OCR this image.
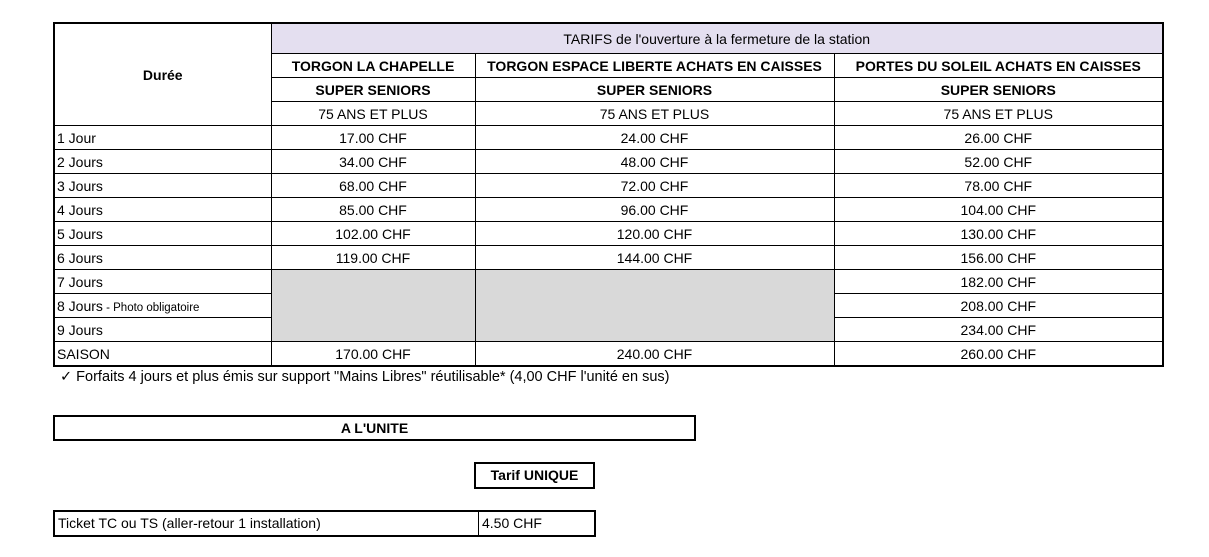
Durée	TARIFS de l'ouverture à la fermeture de la station		
	TORGON LA CHAPELLE	TORGON ESPACE LIBERTE ACHATS EN CAISSES	PORTES DU SOLEIL ACHATS EN CAISSES
	SUPER SENIORS	SUPER SENIORS	SUPER SENIORS
	75 ANS ET PLUS	75 ANS ET PLUS	75 ANS ET PLUS
1 Jour	17.00 CHF	24.00 CHF	26.00 CHF
2 Jours	34.00 CHF	48.00 CHF	52.00 CHF
3 Jours	68.00 CHF	72.00 CHF	78.00 CHF
4 Jours	85.00 CHF	96.00 CHF	104.00 CHF
5 Jours	102.00 CHF	120.00 CHF	130.00 CHF
6 Jours	119.00 CHF	144.00 CHF	156.00 CHF
7 Jours			182.00 CHF
8 Jours - Photo obligatoire			208.00 CHF
9 Jours			234.00 CHF
SAISON	170.00 CHF	240.00 CHF	260.00 CHF
✓ Forfaits 4 jours et plus émis sur support "Mains Libres" réutilisable* (4,00 CHF l'unité en sus)
A L'UNITE
Tarif UNIQUE
Ticket TC ou TS (aller-retour 1 installation)	4.50 CHF
